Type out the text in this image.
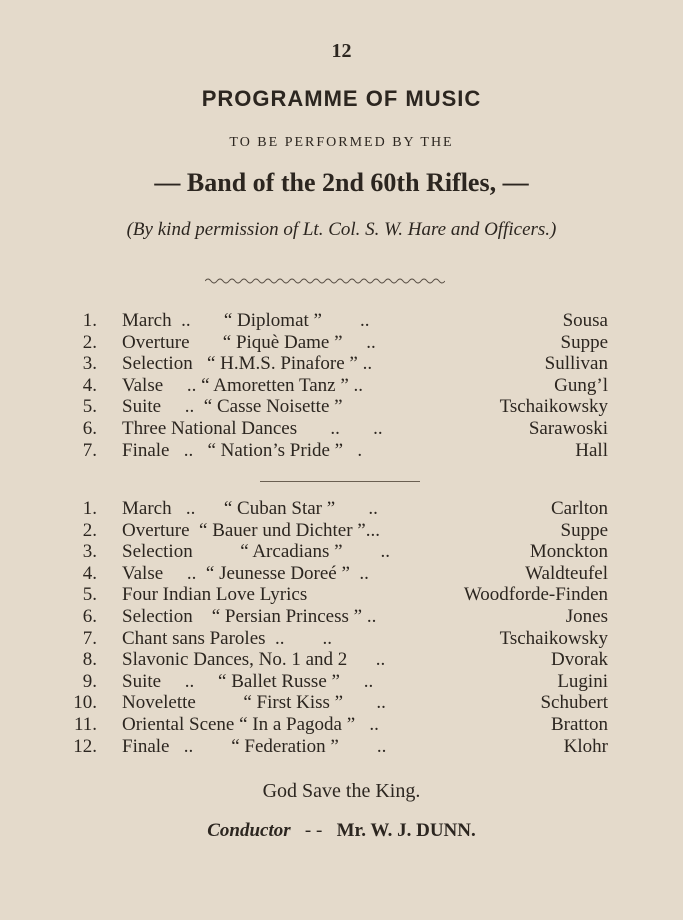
12
PROGRAMME OF MUSIC
TO BE PERFORMED BY THE
— Band of the 2nd 60th Rifles, —
(By kind permission of Lt. Col. S. W. Hare and Officers.)
1. March  ..       “ Diplomat ”        ..	Sousa
2. Overture       “ Piquè Dame ”     ..	Suppe
3. Selection   “ H.M.S. Pinafore ” ..	Sullivan
4. Valse     .. “ Amoretten Tanz ” ..	Gung’l
5. Suite     ..  “ Casse Noisette ”	Tschaikowsky
6. Three National Dances       ..       ..	Sarawoski
7. Finale   ..   “ Nation’s Pride ”   .	Hall
1. March   ..      “ Cuban Star ”       ..	Carlton
2. Overture  “ Bauer und Dichter ”...	Suppe
3. Selection          “ Arcadians ”        ..	Monckton
4. Valse     ..  “ Jeunesse Doreé ”  ..	Waldteufel
5. Four Indian Love Lyrics	Woodforde-Finden
6. Selection    “ Persian Princess ” ..	Jones
7. Chant sans Paroles  ..        ..	Tschaikowsky
8. Slavonic Dances, No. 1 and 2      ..	Dvorak
9. Suite     ..     “ Ballet Russe ”     ..	Lugini
10. Novelette          “ First Kiss ”       ..	Schubert
11. Oriental Scene “ In a Pagoda ”   ..	Bratton
12. Finale   ..        “ Federation ”        ..	Klohr
God Save the King.
Conductor - - Mr. W. J. DUNN.
